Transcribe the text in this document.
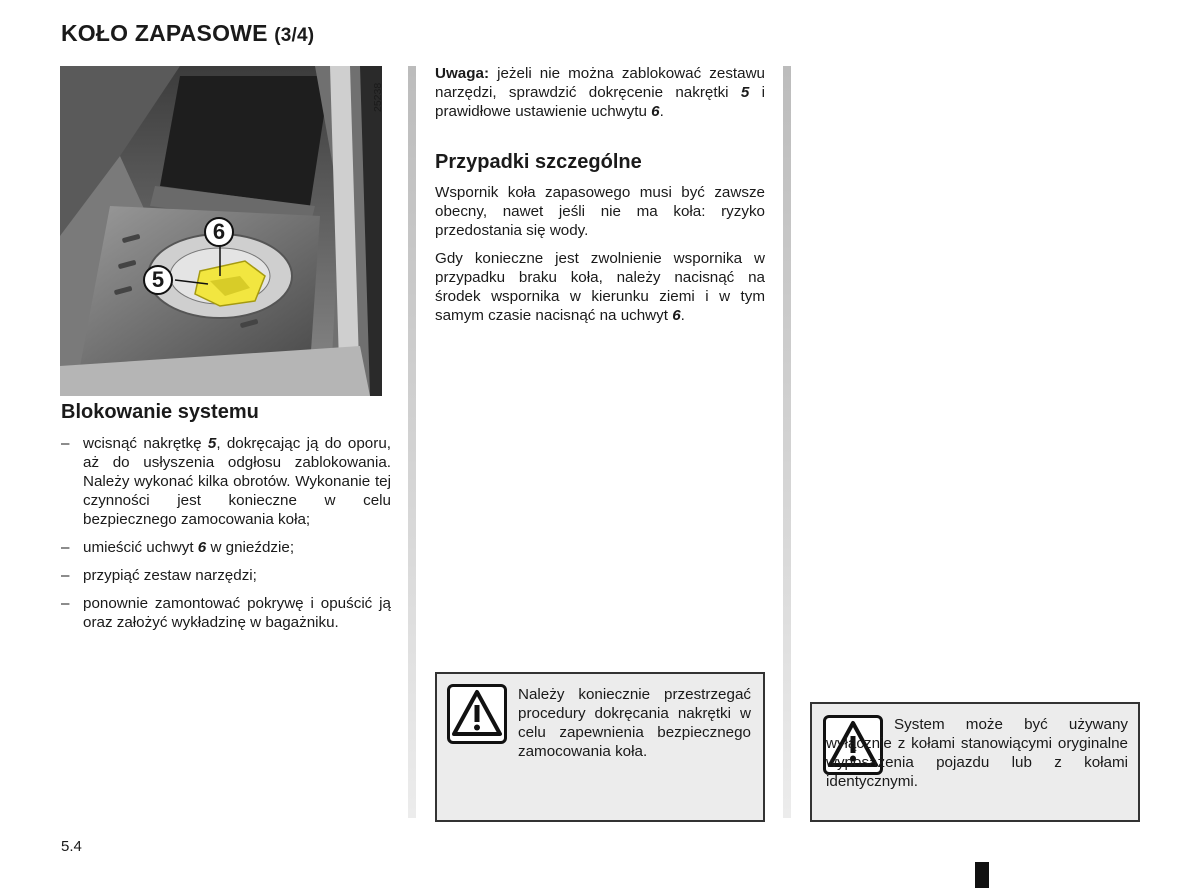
KOŁO ZAPASOWE (3/4)
6
5
25238
Blokowanie systemu
– wcisnąć nakrętkę 5, dokręcając ją do oporu, aż do usłyszenia odgłosu zablokowania. Należy wykonać kilka obrotów. Wykonanie tej czynności jest konieczne w celu bezpiecznego zamocowania koła;
– umieścić uchwyt 6 w gnieździe;
– przypiąć zestaw narzędzi;
– ponownie zamontować pokrywę i opuścić ją oraz założyć wykładzinę w bagażniku.
Uwaga: jeżeli nie można zablokować zestawu narzędzi, sprawdzić dokręcenie nakrętki 5 i prawidłowe ustawienie uchwytu 6.
Przypadki szczególne
Wspornik koła zapasowego musi być zawsze obecny, nawet jeśli nie ma koła: ryzyko przedostania się wody.
Gdy konieczne jest zwolnienie wspornika w przypadku braku koła, należy nacisnąć na środek wspornika w kierunku ziemi i w tym samym czasie nacisnąć na uchwyt 6.
Należy koniecznie przestrzegać procedury dokręcania nakrętki w celu zapewnienia bezpiecznego zamocowania koła.
System może być używany wyłącznie z kołami stanowiącymi oryginalne wyposażenia pojazdu lub z kołami identycznymi.
5.4
